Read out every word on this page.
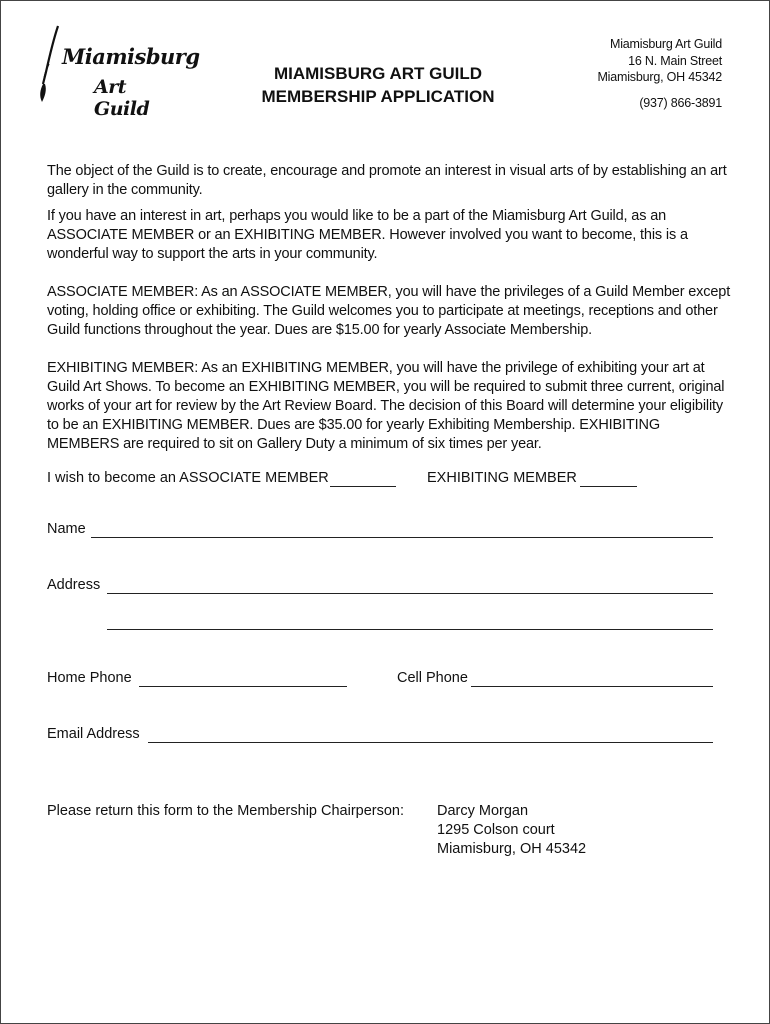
Miamisburg
Art Guild
MIAMISBURG ART GUILD
MEMBERSHIP APPLICATION
Miamisburg Art Guild
16 N. Main Street
Miamisburg, OH 45342
(937) 866-3891

The object of the Guild is to create, encourage and promote an interest in visual arts of by establishing an art gallery in the community.

If you have an interest in art, perhaps you would like to be a part of the Miamisburg Art Guild, as an ASSOCIATE MEMBER or an EXHIBITING MEMBER. However involved you want to become, this is a wonderful way to support the arts in your community.

ASSOCIATE MEMBER: As an ASSOCIATE MEMBER, you will have the privileges of a Guild Member except voting, holding office or exhibiting. The Guild welcomes you to participate at meetings, receptions and other Guild functions throughout the year. Dues are $15.00 for yearly Associate Membership.

EXHIBITING MEMBER: As an EXHIBITING MEMBER, you will have the privilege of exhibiting your art at Guild Art Shows. To become an EXHIBITING MEMBER, you will be required to submit three current, original works of your art for review by the Art Review Board. The decision of this Board will determine your eligibility to be an EXHIBITING MEMBER. Dues are $35.00 for yearly Exhibiting Membership. EXHIBITING MEMBERS are required to sit on Gallery Duty a minimum of six times per year.

I wish to become an ASSOCIATE MEMBER	EXHIBITING MEMBER
Name
Address
Home Phone	Cell Phone
Email Address
Please return this form to the Membership Chairperson: Darcy Morgan
1295 Colson court
Miamisburg, OH 45342
